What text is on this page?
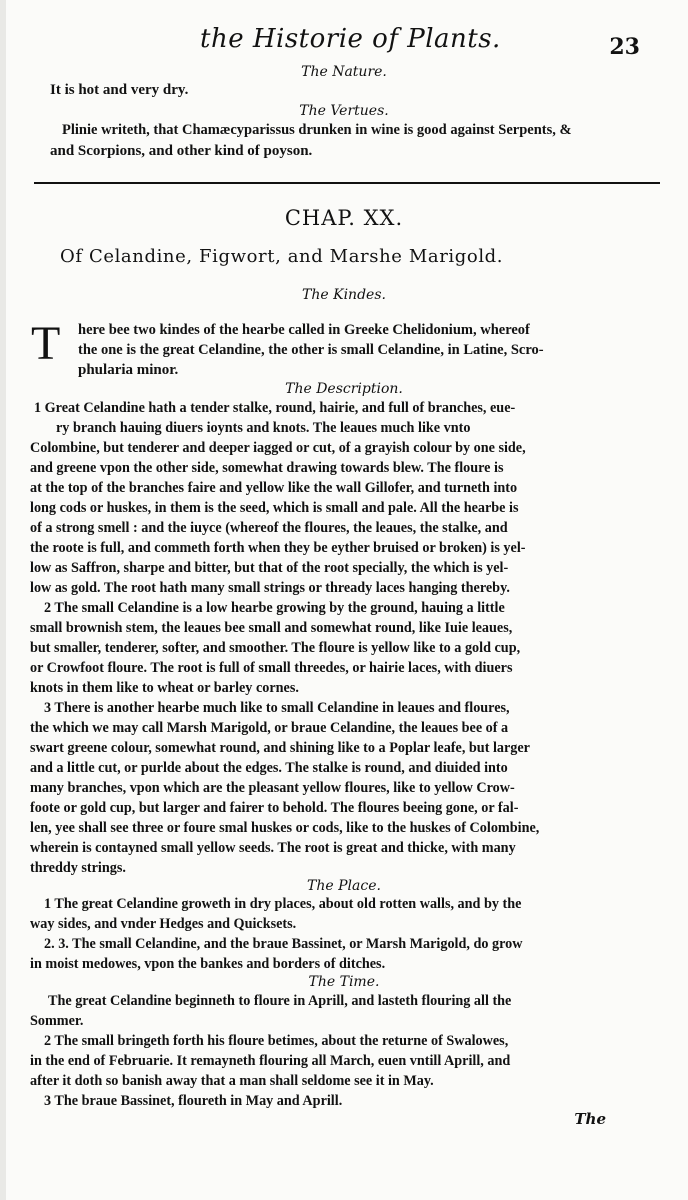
the Historie of Plants.	23
The Nature.
It is hot and very dry.
The Vertues.
Plinie writeth, that Chamæcyparissus drunken in wine is good against Serpents, &
and Scorpions, and other kind of poyson.
CHAP. XX.
Of Celandine, Figwort, and Marshe Marigold.
The Kindes.
T here bee two kindes of the hearbe called in Greeke Chelidonium, whereof
the one is the great Celandine, the other is small Celandine, in Latine, Scro-
phularia minor.
The Description.
1 Great Celandine hath a tender stalke, round, hairie, and full of branches, eue-
ry branch hauing diuers ioynts and knots. The leaues much like vnto
Colombine, but tenderer and deeper iagged or cut, of a grayish colour by one side,
and greene vpon the other side, somewhat drawing towards blew. The floure is
at the top of the branches faire and yellow like the wall Gillofer, and turneth into
long cods or huskes, in them is the seed, which is small and pale. All the hearbe is
of a strong smell : and the iuyce (whereof the floures, the leaues, the stalke, and
the roote is full, and commeth forth when they be eyther bruised or broken) is yel-
low as Saffron, sharpe and bitter, but that of the root specially, the which is yel-
low as gold. The root hath many small strings or thready laces hanging thereby.
2 The small Celandine is a low hearbe growing by the ground, hauing a little
small brownish stem, the leaues bee small and somewhat round, like Iuie leaues,
but smaller, tenderer, softer, and smoother. The floure is yellow like to a gold cup,
or Crowfoot floure. The root is full of small threedes, or hairie laces, with diuers
knots in them like to wheat or barley cornes.
3 There is another hearbe much like to small Celandine in leaues and floures,
the which we may call Marsh Marigold, or braue Celandine, the leaues bee of a
swart greene colour, somewhat round, and shining like to a Poplar leafe, but larger
and a little cut, or purlde about the edges. The stalke is round, and diuided into
many branches, vpon which are the pleasant yellow floures, like to yellow Crow-
foote or gold cup, but larger and fairer to behold. The floures beeing gone, or fal-
len, yee shall see three or foure smal huskes or cods, like to the huskes of Colombine,
wherein is contayned small yellow seeds. The root is great and thicke, with many
threddy strings.
The Place.
1 The great Celandine groweth in dry places, about old rotten walls, and by the
way sides, and vnder Hedges and Quicksets.
2. 3. The small Celandine, and the braue Bassinet, or Marsh Marigold, do grow
in moist medowes, vpon the bankes and borders of ditches.
The Time.
The great Celandine beginneth to floure in Aprill, and lasteth flouring all the
Sommer.
2 The small bringeth forth his floure betimes, about the returne of Swalowes,
in the end of Februarie. It remayneth flouring all March, euen vntill Aprill, and
after it doth so banish away that a man shall seldome see it in May.
3 The braue Bassinet, floureth in May and Aprill.
The
